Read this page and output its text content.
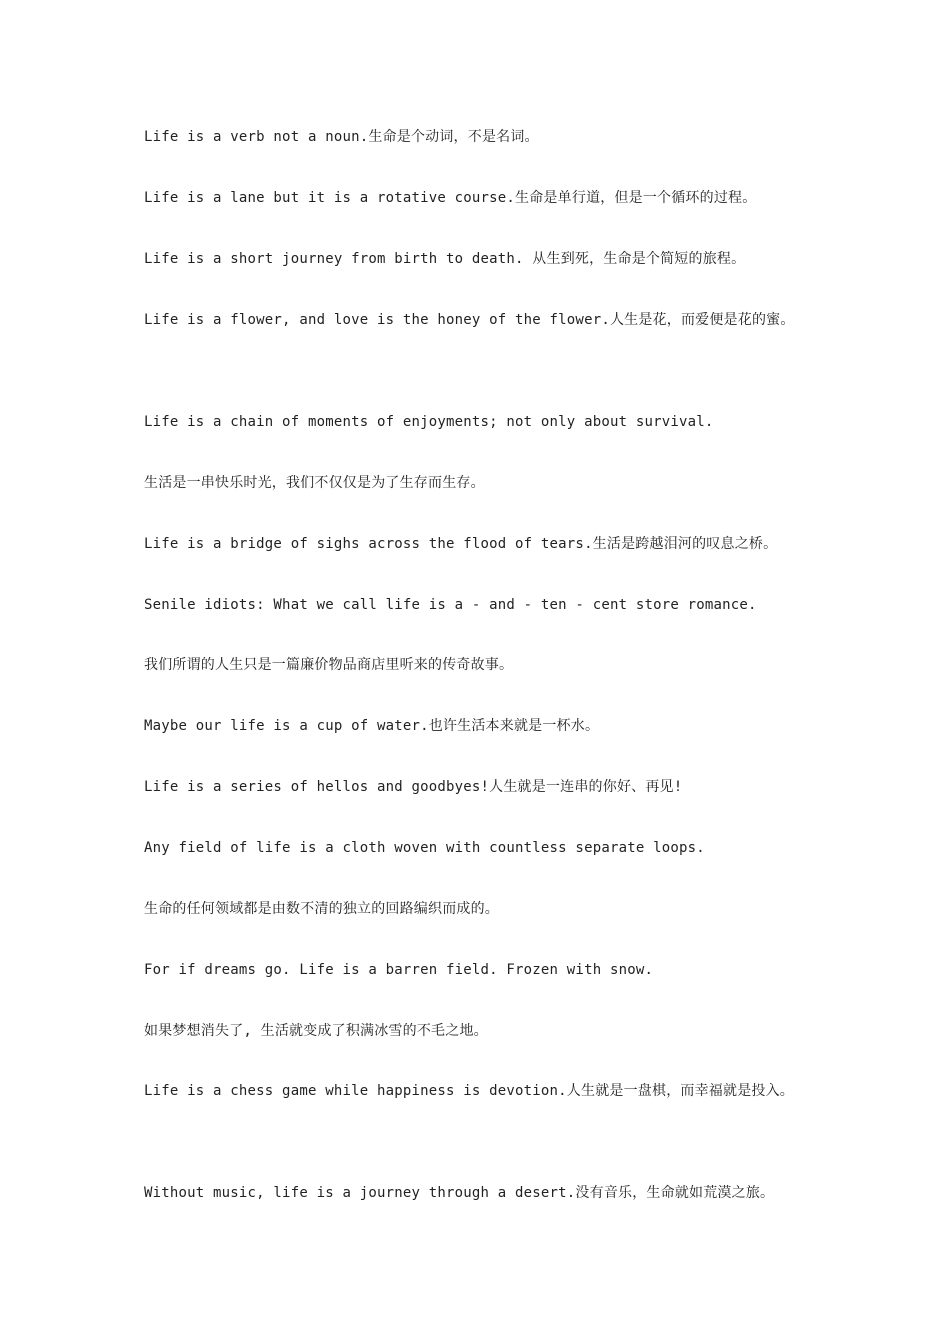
Life is a verb not a noun.生命是个动词，不是名词。
Life is a lane but it is a rotative course.生命是单行道，但是一个循环的过程。
Life is a short journey from birth to death. 从生到死，生命是个简短的旅程。
Life is a flower, and love is the honey of the flower.人生是花，而爱便是花的蜜。
Life is a chain of moments of enjoyments; not only about survival.
生活是一串快乐时光，我们不仅仅是为了生存而生存。
Life is a bridge of sighs across the flood of tears.生活是跨越泪河的叹息之桥。
Senile idiots: What we call life is a - and - ten - cent store romance.
我们所谓的人生只是一篇廉价物品商店里听来的传奇故事。
Maybe our life is a cup of water.也许生活本来就是一杯水。
Life is a series of hellos and goodbyes!人生就是一连串的你好、再见!
Any field of life is a cloth woven with countless separate loops.
生命的任何领域都是由数不清的独立的回路编织而成的。
For if dreams go. Life is a barren field. Frozen with snow.
如果梦想消失了, 生活就变成了积满冰雪的不毛之地。
Life is a chess game while happiness is devotion.人生就是一盘棋，而幸福就是投入。
Without music, life is a journey through a desert.没有音乐，生命就如荒漠之旅。
